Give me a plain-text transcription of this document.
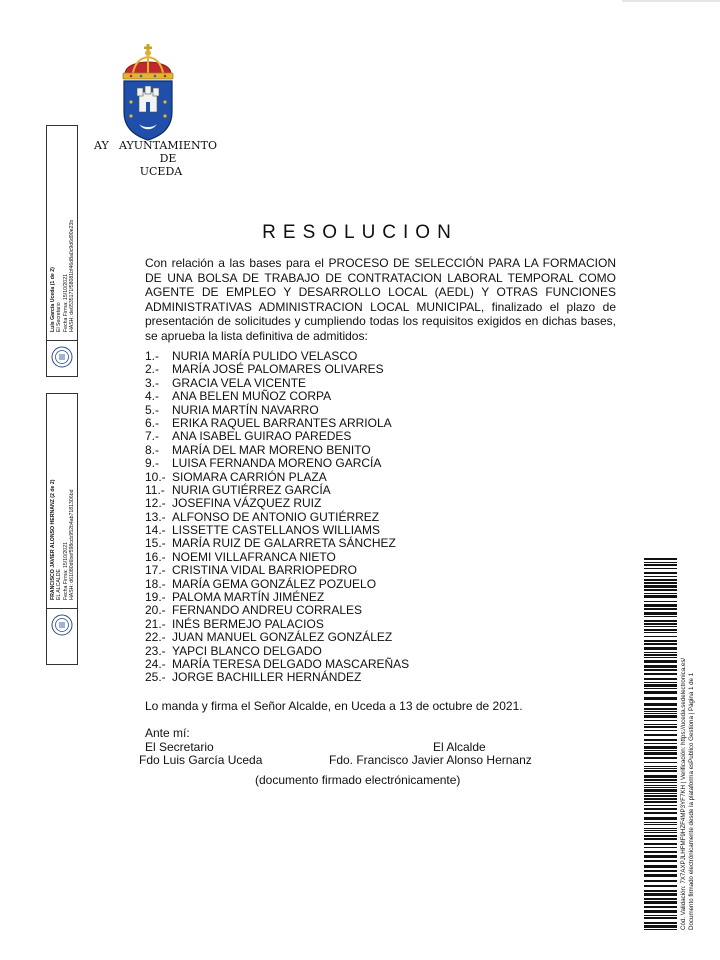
AY AYUNTAMIENTO
DE
UCEDA
Luis García Uceda (1 de 2) El Secretario Fecha Firma: 15/10/2021 HASH: de6535171f58081bf46d8a0c9d6d90e23b
FRANCISCO JAVIER ALONSO HERNANZ (2 de 2) EL ALCALDE Fecha Firma: 15/10/2021 HASH: d61080d6bef598ccb952b4ab7181306bd
RESOLUCION
Con relación a las bases para el PROCESO DE SELECCIÓN PARA LA FORMACION DE UNA BOLSA DE TRABAJO DE CONTRATACION LABORAL TEMPORAL COMO AGENTE DE EMPLEO Y DESARROLLO LOCAL (AEDL) Y OTRAS FUNCIONES ADMINISTRATIVAS ADMINISTRACION LOCAL MUNICIPAL, finalizado el plazo de presentación de solicitudes y cumpliendo todas los requisitos exigidos en dichas bases, se aprueba la lista definitiva de admitidos:
1.- NURIA MARÍA PULIDO VELASCO
2.- MARÍA JOSÉ PALOMARES OLIVARES
3.- GRACIA VELA VICENTE
4.- ANA BELEN MUÑOZ CORPA
5.- NURIA MARTÍN NAVARRO
6.- ERIKA RAQUEL BARRANTES ARRIOLA
7.- ANA ISABEL GUIRAO PAREDES
8.- MARÍA DEL MAR MORENO BENITO
9.- LUISA FERNANDA MORENO GARCÍA
10.- SIOMARA CARRIÓN PLAZA
11.- NURIA GUTIÉRREZ GARCÍA
12.- JOSEFINA VÁZQUEZ RUIZ
13.- ALFONSO DE ANTONIO GUTIÉRREZ
14.- LISSETTE CASTELLANOS WILLIAMS
15.- MARÍA RUIZ DE GALARRETA SÁNCHEZ
16.- NOEMI VILLAFRANCA NIETO
17.- CRISTINA VIDAL BARRIOPEDRO
18.- MARÍA GEMA GONZÁLEZ POZUELO
19.- PALOMA MARTÍN JIMÉNEZ
20.- FERNANDO ANDREU CORRALES
21.- INÉS BERMEJO PALACIOS
22.- JUAN MANUEL GONZÁLEZ GONZÁLEZ
23.- YAPCI BLANCO DELGADO
24.- MARÍA TERESA DELGADO MASCAREÑAS
25.- JORGE BACHILLER HERNÁNDEZ
Lo manda y firma el Señor Alcalde, en Uceda a 13 de octubre de 2021.
Ante mí:
El Secretario
Fdo Luis García Uceda
El Alcalde
Fdo. Francisco Javier Alonso Hernanz
(documento firmado electrónicamente)	Cód. Validación: 7X7AXPJLHFMF9HZF4MP3YF7KH | Verificación: https://uceda.sedelectronica.es/ Documento firmado electrónicamente desde la plataforma esPublico Gestiona | Página 1 de 1
